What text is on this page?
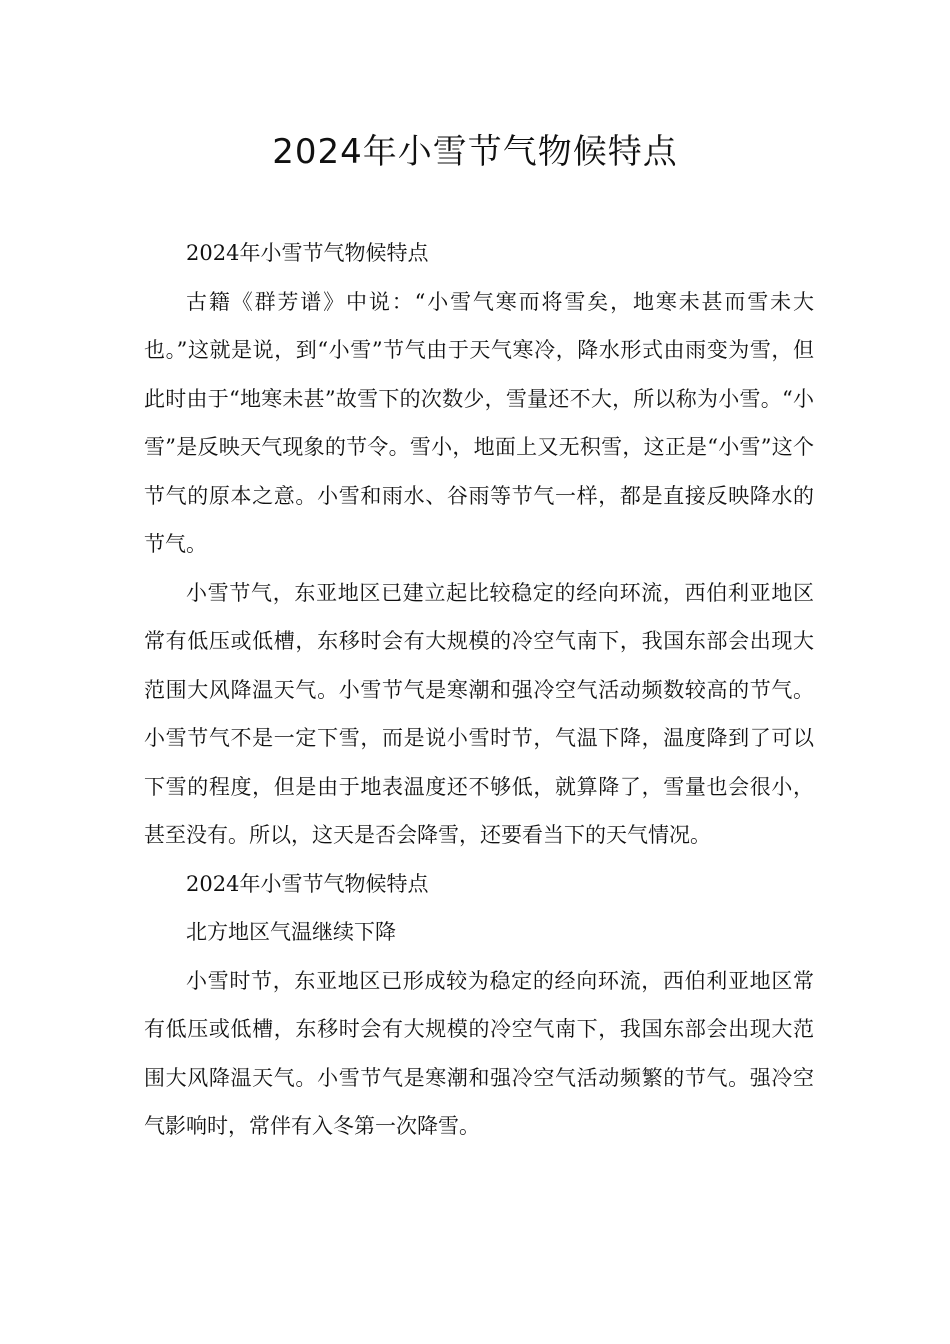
2024年小雪节气物候特点

2024年小雪节气物候特点

古籍《群芳谱》中说：“小雪气寒而将雪矣，地寒未甚而雪未大也。”这就是说，到“小雪”节气由于天气寒冷，降水形式由雨变为雪，但此时由于“地寒未甚”故雪下的次数少，雪量还不大，所以称为小雪。“小雪”是反映天气现象的节令。雪小，地面上又无积雪，这正是“小雪”这个节气的原本之意。小雪和雨水、谷雨等节气一样，都是直接反映降水的节气。

小雪节气，东亚地区已建立起比较稳定的经向环流，西伯利亚地区常有低压或低槽，东移时会有大规模的冷空气南下，我国东部会出现大范围大风降温天气。小雪节气是寒潮和强冷空气活动频数较高的节气。小雪节气不是一定下雪，而是说小雪时节，气温下降，温度降到了可以下雪的程度，但是由于地表温度还不够低，就算降了，雪量也会很小，甚至没有。所以，这天是否会降雪，还要看当下的天气情况。

2024年小雪节气物候特点

北方地区气温继续下降

小雪时节，东亚地区已形成较为稳定的经向环流，西伯利亚地区常有低压或低槽，东移时会有大规模的冷空气南下，我国东部会出现大范围大风降温天气。小雪节气是寒潮和强冷空气活动频繁的节气。强冷空气影响时，常伴有入冬第一次降雪。
